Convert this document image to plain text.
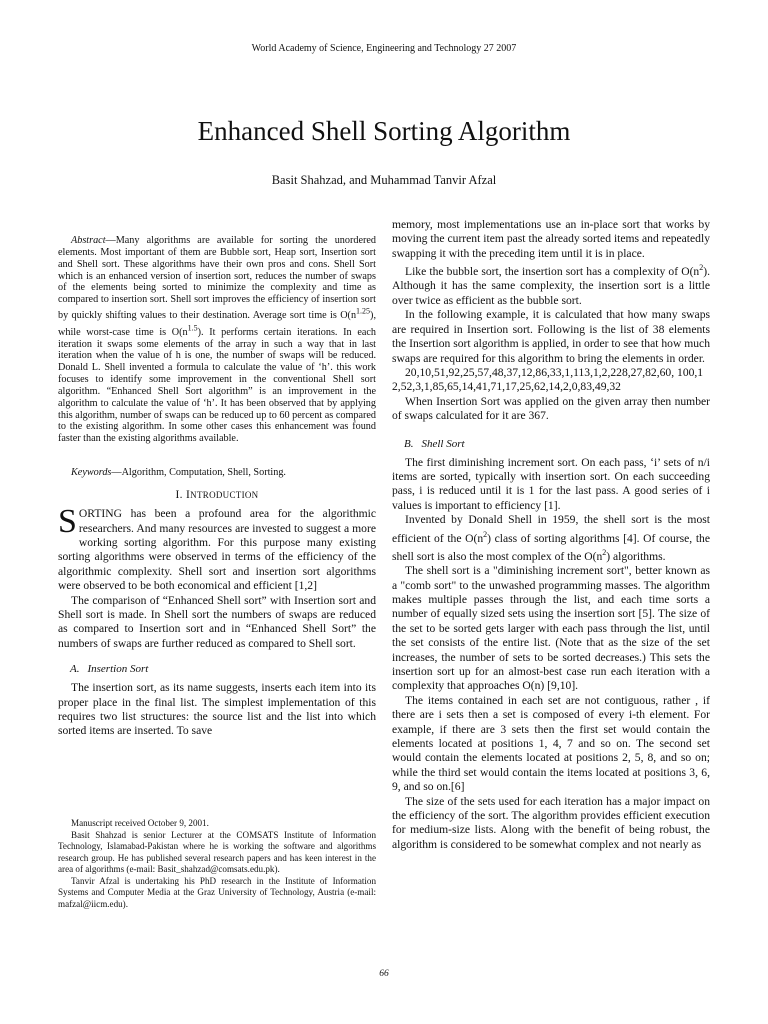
World Academy of Science, Engineering and Technology 27 2007
Enhanced Shell Sorting Algorithm
Basit Shahzad, and Muhammad Tanvir Afzal

Abstract—Many algorithms are available for sorting the unordered elements. Most important of them are Bubble sort, Heap sort, Insertion sort and Shell sort. These algorithms have their own pros and cons. Shell Sort which is an enhanced version of insertion sort, reduces the number of swaps of the elements being sorted to minimize the complexity and time as compared to insertion sort. Shell sort improves the efficiency of insertion sort by quickly shifting values to their destination. Average sort time is $O(n^{1.25})$, while worst-case time is $O(n^{1.5})$. It performs certain iterations. In each iteration it swaps some elements of the array in such a way that in last iteration when the value of h is one, the number of swaps will be reduced. Donald L. Shell invented a formula to calculate the value of ‘h’. this work focuses to identify some improvement in the conventional Shell sort algorithm. “Enhanced Shell Sort algorithm” is an improvement in the algorithm to calculate the value of ‘h’. It has been observed that by applying this algorithm, number of swaps can be reduced up to 60 percent as compared to the existing algorithm. In some other cases this enhancement was found faster than the existing algorithms available.

Keywords—Algorithm, Computation, Shell, Sorting.

I. INTRODUCTION

SORTING has been a profound area for the algorithmic researchers. And many resources are invested to suggest a more working sorting algorithm. For this purpose many existing sorting algorithms were observed in terms of the efficiency of the algorithmic complexity. Shell sort and insertion sort algorithms were observed to be both economical and efficient [1,2]

The comparison of “Enhanced Shell sort” with Insertion sort and Shell sort is made. In Shell sort the numbers of swaps are reduced as compared to Insertion sort and in “Enhanced Shell Sort” the numbers of swaps are further reduced as compared to Shell sort.

A. Insertion Sort

The insertion sort, as its name suggests, inserts each item into its proper place in the final list. The simplest implementation of this requires two list structures: the source list and the list into which sorted items are inserted. To save

Manuscript received October 9, 2001.

Basit Shahzad is senior Lecturer at the COMSATS Institute of Information Technology, Islamabad-Pakistan where he is working the software and algorithms research group. He has published several research papers and has keen interest in the area of algorithms (e-mail: Basit_shahzad@comsats.edu.pk).

Tanvir Afzal is undertaking his PhD research in the Institute of Information Systems and Computer Media at the Graz University of Technology, Austria (e-mail: mafzal@iicm.edu).

memory, most implementations use an in-place sort that works by moving the current item past the already sorted items and repeatedly swapping it with the preceding item until it is in place.

Like the bubble sort, the insertion sort has a complexity of $O(n^2)$. Although it has the same complexity, the insertion sort is a little over twice as efficient as the bubble sort.

In the following example, it is calculated that how many swaps are required in Insertion sort. Following is the list of 38 elements the Insertion sort algorithm is applied, in order to see that how much swaps are required for this algorithm to bring the elements in order.

20,10,51,92,25,57,48,37,12,86,33,1,113,1,2,228,27,82,60, 100,12,52,3,1,85,65,14,41,71,17,25,62,14,2,0,83,49,32

When Insertion Sort was applied on the given array then number of swaps calculated for it are 367.

B. Shell Sort

The first diminishing increment sort. On each pass, ‘i’ sets of n/i items are sorted, typically with insertion sort. On each succeeding pass, i is reduced until it is 1 for the last pass. A good series of i values is important to efficiency [1].

Invented by Donald Shell in 1959, the shell sort is the most efficient of the $O(n^2)$ class of sorting algorithms [4]. Of course, the shell sort is also the most complex of the $O(n^2)$ algorithms.

The shell sort is a "diminishing increment sort", better known as a "comb sort" to the unwashed programming masses. The algorithm makes multiple passes through the list, and each time sorts a number of equally sized sets using the insertion sort [5]. The size of the set to be sorted gets larger with each pass through the list, until the set consists of the entire list. (Note that as the size of the set increases, the number of sets to be sorted decreases.) This sets the insertion sort up for an almost-best case run each iteration with a complexity that approaches O(n) [9,10].

The items contained in each set are not contiguous, rather , if there are i sets then a set is composed of every i-th element. For example, if there are 3 sets then the first set would contain the elements located at positions 1, 4, 7 and so on. The second set would contain the elements located at positions 2, 5, 8, and so on; while the third set would contain the items located at positions 3, 6, 9, and so on.[6]

The size of the sets used for each iteration has a major impact on the efficiency of the sort. The algorithm provides efficient execution for medium-size lists. Along with the benefit of being robust, the algorithm is considered to be somewhat complex and not nearly as

66
